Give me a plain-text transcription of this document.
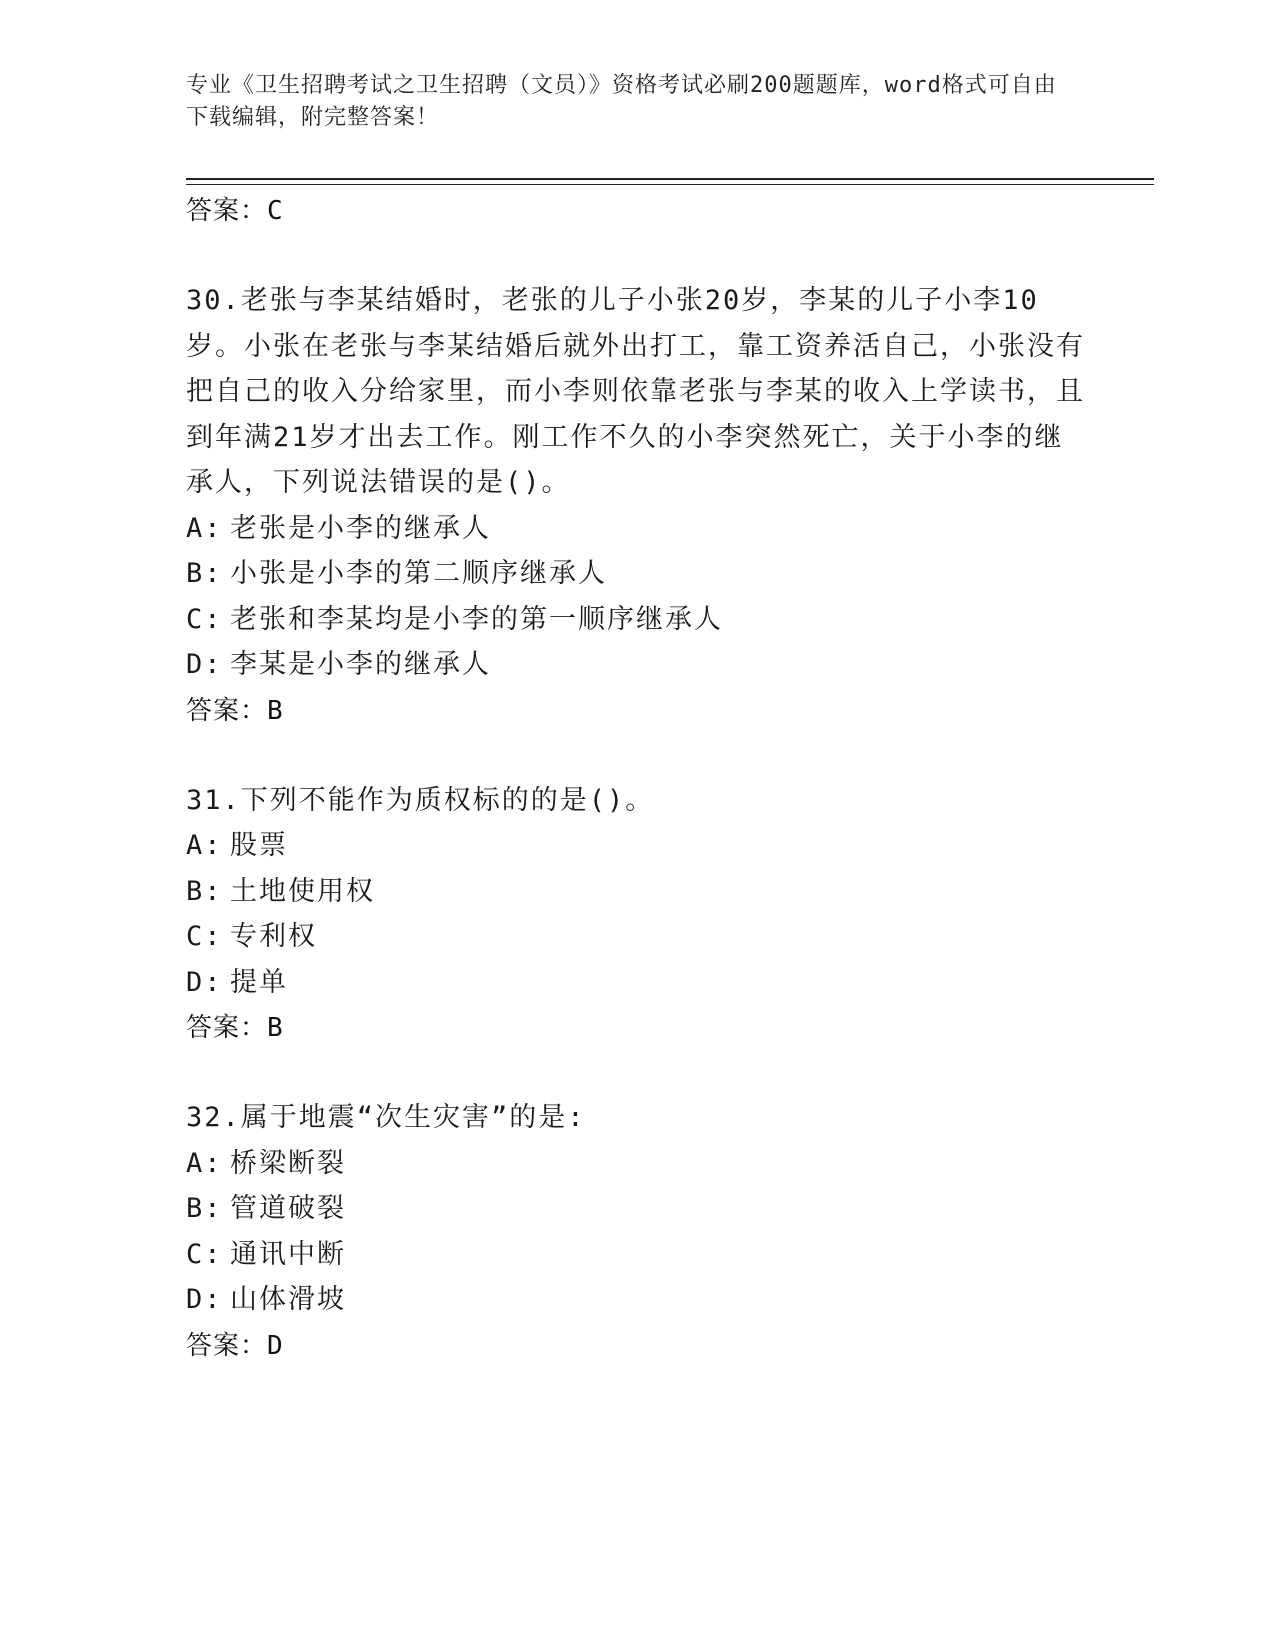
专业《卫生招聘考试之卫生招聘（文员）》资格考试必刷200题题库，word格式可自由下载编辑，附完整答案！
答案：C
30.老张与李某结婚时，老张的儿子小张20岁，李某的儿子小李10岁。小张在老张与李某结婚后就外出打工，靠工资养活自己，小张没有把自己的收入分给家里，而小李则依靠老张与李某的收入上学读书，且到年满21岁才出去工作。刚工作不久的小李突然死亡，关于小李的继承人，下列说法错误的是()。
A: 老张是小李的继承人
B: 小张是小李的第二顺序继承人
C: 老张和李某均是小李的第一顺序继承人
D: 李某是小李的继承人
答案：B
31.下列不能作为质权标的的是()。
A: 股票
B: 土地使用权
C: 专利权
D: 提单
答案：B
32.属于地震“次生灾害”的是:
A: 桥梁断裂
B: 管道破裂
C: 通讯中断
D: 山体滑坡
答案：D
